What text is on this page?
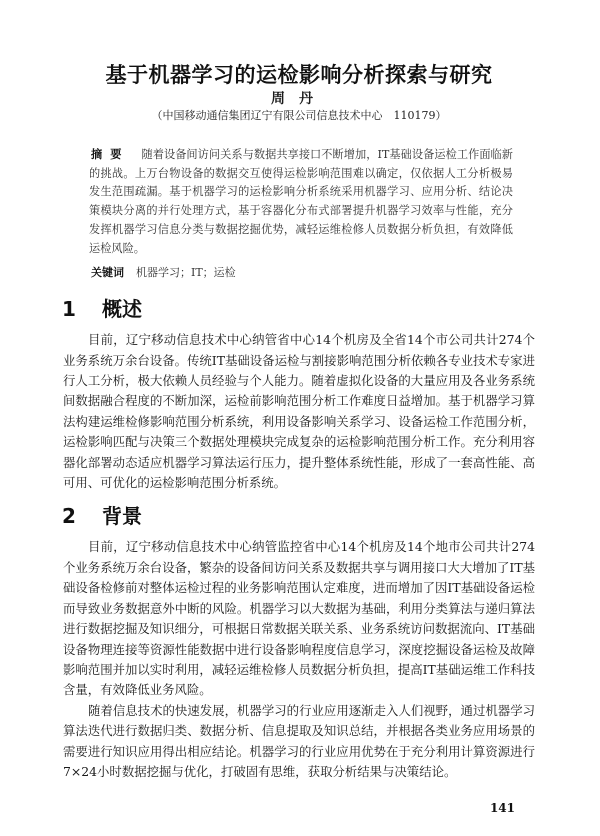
基于机器学习的运检影响分析探索与研究
周丹
（中国移动通信集团辽宁有限公司信息技术中心　110179）
摘要 随着设备间访问关系与数据共享接口不断增加，IT基础设备运检工作面临新的挑战。上万台物设备的数据交互使得运检影响范围难以确定，仅依据人工分析极易发生范围疏漏。基于机器学习的运检影响分析系统采用机器学习、应用分析、结论决策模块分离的并行处理方式，基于容器化分布式部署提升机器学习效率与性能，充分发挥机器学习信息分类与数据挖掘优势，减轻运维检修人员数据分析负担，有效降低运检风险。
关键词 机器学习；IT；运检
1 概述

目前，辽宁移动信息技术中心纳管省中心14个机房及全省14个市公司共计274个业务系统万余台设备。传统IT基础设备运检与割接影响范围分析依赖各专业技术专家进行人工分析，极大依赖人员经验与个人能力。随着虚拟化设备的大量应用及各业务系统间数据融合程度的不断加深，运检前影响范围分析工作难度日益增加。基于机器学习算法构建运维检修影响范围分析系统，利用设备影响关系学习、设备运检工作范围分析，运检影响匹配与决策三个数据处理模块完成复杂的运检影响范围分析工作。充分利用容器化部署动态适应机器学习算法运行压力，提升整体系统性能，形成了一套高性能、高可用、可优化的运检影响范围分析系统。

2 背景

目前，辽宁移动信息技术中心纳管监控省中心14个机房及14个地市公司共计274个业务系统万余台设备，繁杂的设备间访问关系及数据共享与调用接口大大增加了IT基础设备检修前对整体运检过程的业务影响范围认定难度，进而增加了因IT基础设备运检而导致业务数据意外中断的风险。机器学习以大数据为基础，利用分类算法与递归算法进行数据挖掘及知识细分，可根据日常数据关联关系、业务系统访问数据流向、IT基础设备物理连接等资源性能数据中进行设备影响程度信息学习，深度挖掘设备运检及故障影响范围并加以实时利用，减轻运维检修人员数据分析负担，提高IT基础运维工作科技含量，有效降低业务风险。

随着信息技术的快速发展，机器学习的行业应用逐渐走入人们视野，通过机器学习算法迭代进行数据归类、数据分析、信息提取及知识总结，并根据各类业务应用场景的需要进行知识应用得出相应结论。机器学习的行业应用优势在于充分利用计算资源进行7×24小时数据挖掘与优化，打破固有思维，获取分析结果与决策结论。

141
